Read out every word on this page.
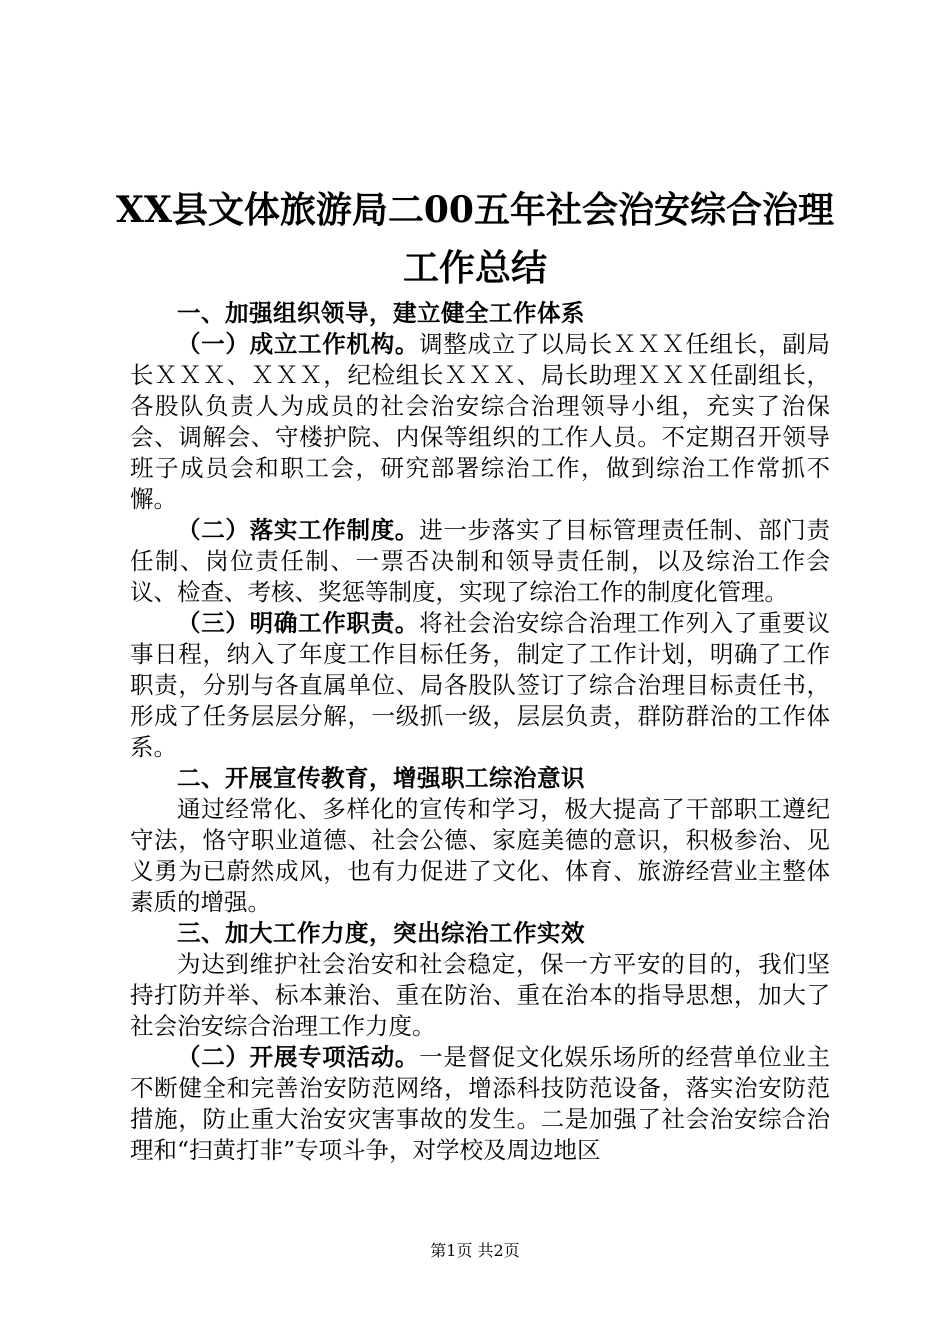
XX县文体旅游局二00五年社会治安综合治理
工作总结

一、加强组织领导，建立健全工作体系

（一）成立工作机构。调整成立了以局长ＸＸＸ任组长，副局长ＸＸＸ、ＸＸＸ，纪检组长ＸＸＸ、局长助理ＸＸＸ任副组长，各股队负责人为成员的社会治安综合治理领导小组，充实了治保会、调解会、守楼护院、内保等组织的工作人员。不定期召开领导班子成员会和职工会，研究部署综治工作，做到综治工作常抓不懈。

（二）落实工作制度。进一步落实了目标管理责任制、部门责任制、岗位责任制、一票否决制和领导责任制，以及综治工作会议、检查、考核、奖惩等制度，实现了综治工作的制度化管理。

（三）明确工作职责。将社会治安综合治理工作列入了重要议事日程，纳入了年度工作目标任务，制定了工作计划，明确了工作职责，分别与各直属单位、局各股队签订了综合治理目标责任书，形成了任务层层分解，一级抓一级，层层负责，群防群治的工作体系。

二、开展宣传教育，增强职工综治意识

通过经常化、多样化的宣传和学习，极大提高了干部职工遵纪守法，恪守职业道德、社会公德、家庭美德的意识，积极参治、见义勇为已蔚然成风，也有力促进了文化、体育、旅游经营业主整体素质的增强。

三、加大工作力度，突出综治工作实效

为达到维护社会治安和社会稳定，保一方平安的目的，我们坚持打防并举、标本兼治、重在防治、重在治本的指导思想，加大了社会治安综合治理工作力度。

（二）开展专项活动。一是督促文化娱乐场所的经营单位业主不断健全和完善治安防范网络，增添科技防范设备，落实治安防范措施，防止重大治安灾害事故的发生。二是加强了社会治安综合治理和“扫黄打非”专项斗争，对学校及周边地区

第1页 共2页
